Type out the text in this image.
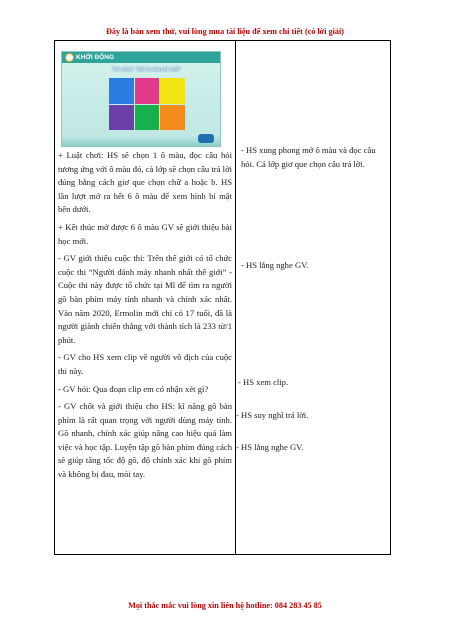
Đây là bản xem thử, vui lòng mua tài liệu để xem chi tiết (có lời giải)
KHỞI ĐỘNG
Trò chơi: "Mở ô màu bí mật"

+ Luật chơi: HS sẽ chọn 1 ô màu, đọc câu hỏi tương ứng với ô màu đó, cả lớp sẽ chọn câu trả lời đúng bằng cách giơ que chọn chữ a hoặc b. HS lần lượt mở ra hết 6 ô màu để xem hình bí mật bên dưới.

+ Kết thúc mở được 6 ô màu GV sẽ giới thiệu bài học mới.

- GV giới thiệu cuộc thi: Trên thế giới có tổ chức cuộc thi “Người đánh máy nhanh nhất thế giới” - Cuộc thi này được tổ chức tại Mĩ để tìm ra người gõ bàn phím máy tính nhanh và chính xác nhất. Vào năm 2020, Ermolin mới chỉ có 17 tuổi, đã là người giành chiến thắng với thành tích là 233 từ/1 phút.

- GV cho HS xem clip về người vô địch của cuộc thi này.

- GV hỏi: Qua đoạn clip em có nhận xét gì?

- GV chốt và giới thiệu cho HS: kĩ năng gõ bàn phím là rất quan trọng với người dùng máy tính. Gõ nhanh, chính xác giúp nâng cao hiệu quả làm việc và học tập. Luyện tập gõ bàn phím đúng cách sẽ giúp tăng tốc độ gõ, độ chính xác khi gõ phím và không bị đau, mỏi tay.

- HS xung phong mở ô màu và đọc câu hỏi. Cả lớp giơ que chọn câu trả lời.
- HS lắng nghe GV.
- HS xem clip.
- HS suy nghĩ trả lời.
- HS lắng nghe GV.
Mọi thắc mắc vui lòng xin liên hệ hotline: 084 283 45 85
